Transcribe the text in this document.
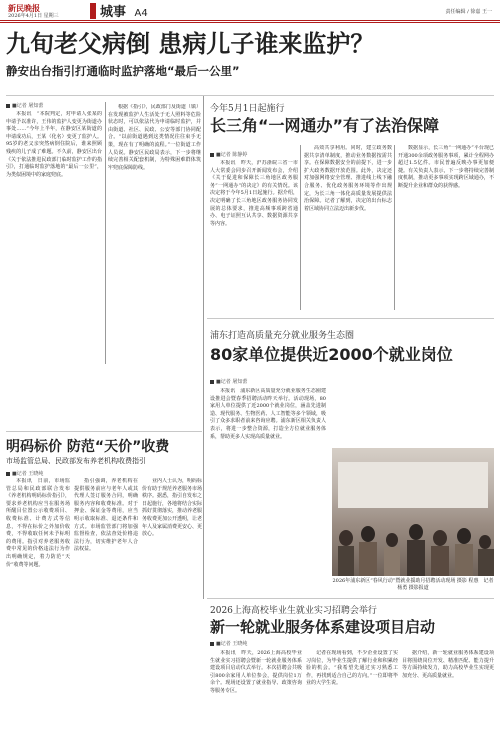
新民晚报
2026年4月1日 星期三	城事 A4	责任编辑 / 徐嘉 王一
九旬老父病倒 患病儿子谁来监护？
静安出台指引打通临时监护落地“最后一公里”
今年5月1日起施行
长三角“一网通办”有了法治保障
■记者 屠知蕾

本报讯　“本院判定，对申请人张某的申请予以准许，王伟的监护人变更为街道办事处……”今年上半年，在静安区某街道的申请成功后，王某（化名）变更了监护人。95岁的老父亲突然病倒住院后，谁来照顾残疾的儿子成了难题。不久前，静安区出台《关于依法推进民政部门临时监护工作的指引》，打通临时监护落地的“最后一公里”，为类似困境中的家庭兜底。

根据《指引》，民政部门及街道（镇）在发现被监护人生活处于无人照料等危险状态时，可以依法代为申请临时监护，并由街道、社区、民政、公安等部门协同配合。“以前街道遇到这类情况往往束手无策，现在有了明确的流程。”一位街道工作人员说。静安区民政局表示，下一步将继续完善相关配套机制，为特殊困难群体筑牢兜底保障防线。

■记者 陈静婷

本报讯　昨天，沪苏浙皖三省一市人大常委会同步召开新闻发布会，介绍《关于促进和保障长三角地区政务服务“一网通办”的决定》的有关情况。该决定将于今年5月1日起施行。据介绍，决定明确了长三角地区政务服务协同发展的总体要求，推进高频事项跨省通办、电子证照互认共享、数据资源共享等内容。

高效共享利用。同时，建立政务数据共享清单制度，推动业务数据按需共享。在保障数据安全的前提下，进一步扩大政务数据开放范围。此外，决定还对加强网络安全管理、推进线上线下融合服务、优化政务服务环境等作出规定，为长三角一体化高质量发展提供法治保障。记者了解到，决定的出台标志着区域协同立法迈出新步伐。

数据显示，长三角“一网通办”平台现已开通300余项政务服务事项，累计全程网办超过1.5亿件。市民普遍反映办事更加便捷。有关负责人表示，下一步将持续完善制度机制，推动更多事项实现跨区域通办，不断提升企业和群众的获得感。

浦东打造高质量充分就业服务生态圈
80家单位提供近2000个就业岗位
■记者 屠知蕾

本报讯　浦东新区高质量充分就业服务生态圈建设推进会暨春季招聘活动昨天举行。活动现场，80家用人单位提供了近2000个就业岗位，涵盖先进制造、现代服务、生物医药、人工智能等多个领域，吸引了众多求职者前来咨询应聘。浦东新区相关负责人表示，将进一步整合资源，打造全方位就业服务体系，帮助更多人实现高质量就业。

2026年浦东新区“春风行动”暨就业援助月招聘活动现场 摄影 程惠　记者 杨勇 摄影报道
明码标价 防范“天价”收费
市场监管总局、民政部发布养老机构收费指引
■记者 王晓纯

本报讯　日前，市场监管总局和民政部联合发布《养老机构明码标价指引》，要求养老机构应当在服务场所醒目位置公示收费项目、收费标准、计费方式等信息，不得在标价之外加价收费，不得收取任何未予标明的费用。指引对养老服务收费中常见的价格违法行为作出明确规定，着力防范“天价”收费等问题。

指引强调，养老机构在提供服务前应与老年人或其代理人签订服务合同，明确服务内容和收费标准。对于押金、保证金等费用，应当明示收取标准、退还条件和方式。市场监管部门将加强监督检查，依法查处价格违法行为，切实维护老年人合法权益。

业内人士认为，明码标价有助于规范养老服务市场秩序。据悉，指引自发布之日起施行，各地将结合实际抓好贯彻落实，推动养老服务收费更加公开透明，让老年人及家属消费更安心、更放心。

2026上海高校毕业生就业实习招聘会举行
新一轮就业服务体系建设项目启动
■记者 王晓纯

本报讯　昨天，2026上海高校毕业生就业实习招聘会暨新一轮就业服务体系建设项目启动仪式举行。本次招聘会共吸引800余家用人单位参会，提供岗位1万余个。现场还设置了就业指导、政策咨询等服务专区。

记者在现场看到，不少企业设置了实习岗位，为毕业生提供了解行业和积累经验的机会。“我希望先通过实习熟悉工作，再找到适合自己的方向。”一位即将毕业的大学生说。

据介绍，新一轮就业服务体系建设项目将围绕岗位开发、精准匹配、能力提升等方面持续发力，助力高校毕业生实现更加充分、更高质量就业。
